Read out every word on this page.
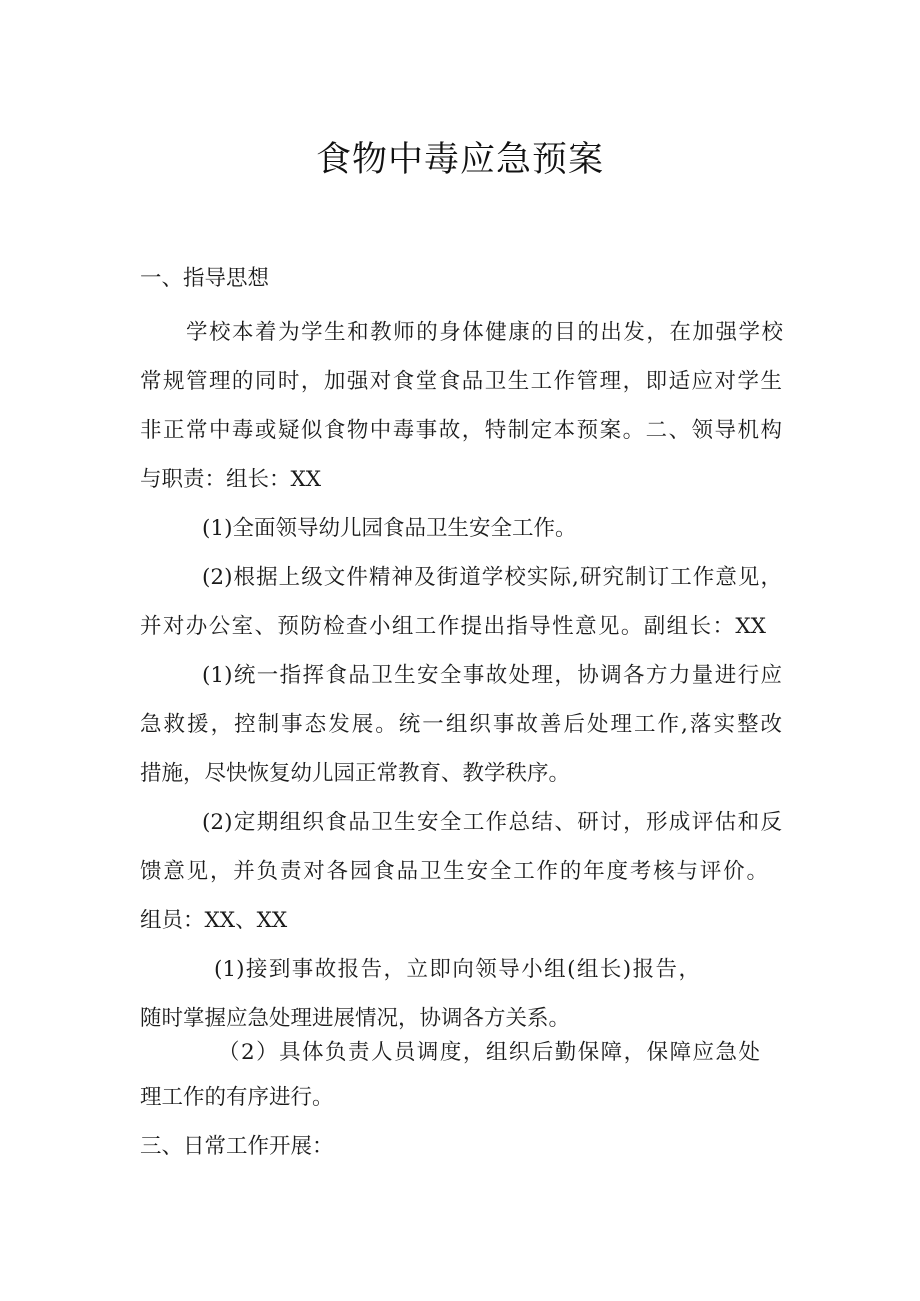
食物中毒应急预案
一、指导思想
学校本着为学生和教师的身体健康的目的出发，在加强学校
常规管理的同时，加强对食堂食品卫生工作管理，即适应对学生
非正常中毒或疑似食物中毒事故，特制定本预案。二、领导机构
与职责：组长：XX
(1)全面领导幼儿园食品卫生安全工作。
(2)根据上级文件精神及街道学校实际,研究制订工作意见，
并对办公室、预防检查小组工作提出指导性意见。副组长：XX
(1)统一指挥食品卫生安全事故处理，协调各方力量进行应
急救援，控制事态发展。统一组织事故善后处理工作,落实整改
措施，尽快恢复幼儿园正常教育、教学秩序。
(2)定期组织食品卫生安全工作总结、研讨，形成评估和反
馈意见，并负责对各园食品卫生安全工作的年度考核与评价。
组员：XX、XX
(1)接到事故报告，立即向领导小组(组长)报告，
随时掌握应急处理进展情况，协调各方关系。
（2）具体负责人员调度，组织后勤保障，保障应急处
理工作的有序进行。
三、日常工作开展：
